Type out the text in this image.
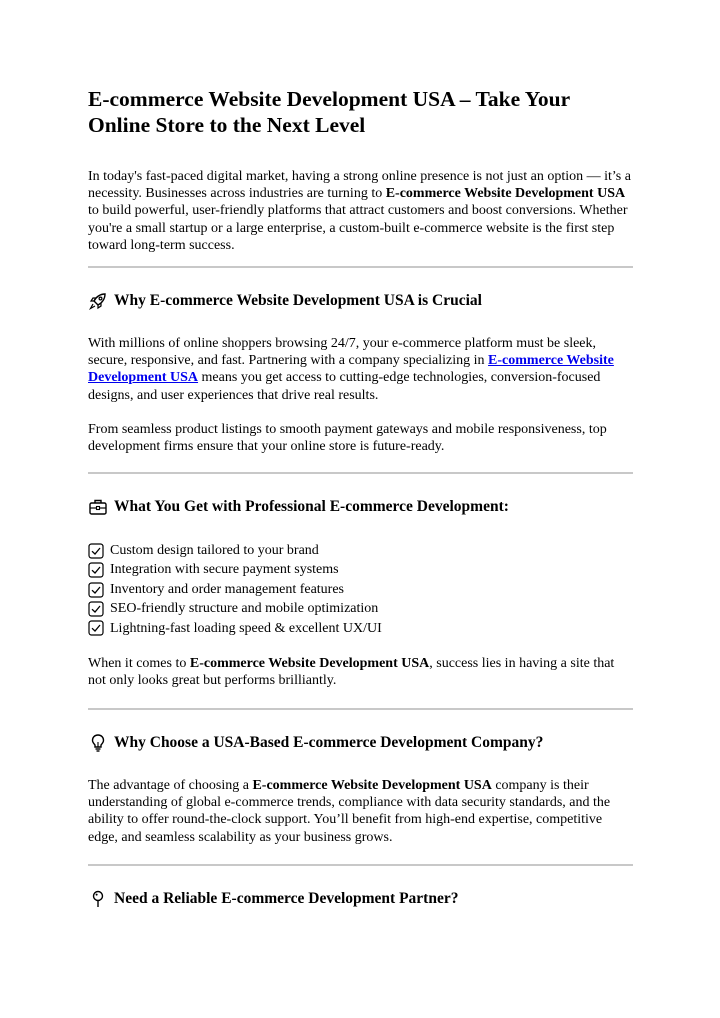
E-commerce Website Development USA – Take Your Online Store to the Next Level

In today's fast-paced digital market, having a strong online presence is not just an option — it’s a necessity. Businesses across industries are turning to E-commerce Website Development USA to build powerful, user-friendly platforms that attract customers and boost conversions. Whether you're a small startup or a large enterprise, a custom-built e-commerce website is the first step toward long-term success.

Why E-commerce Website Development USA is Crucial

With millions of online shoppers browsing 24/7, your e-commerce platform must be sleek, secure, responsive, and fast. Partnering with a company specializing in E-commerce Website Development USA means you get access to cutting-edge technologies, conversion-focused designs, and user experiences that drive real results.

From seamless product listings to smooth payment gateways and mobile responsiveness, top development firms ensure that your online store is future-ready.

What You Get with Professional E-commerce Development:
Custom design tailored to your brand
Integration with secure payment systems
Inventory and order management features
SEO-friendly structure and mobile optimization
Lightning-fast loading speed & excellent UX/UI

When it comes to E-commerce Website Development USA, success lies in having a site that not only looks great but performs brilliantly.

Why Choose a USA-Based E-commerce Development Company?

The advantage of choosing a E-commerce Website Development USA company is their understanding of global e-commerce trends, compliance with data security standards, and the ability to offer round-the-clock support. You’ll benefit from high-end expertise, competitive edge, and seamless scalability as your business grows.

Need a Reliable E-commerce Development Partner?
